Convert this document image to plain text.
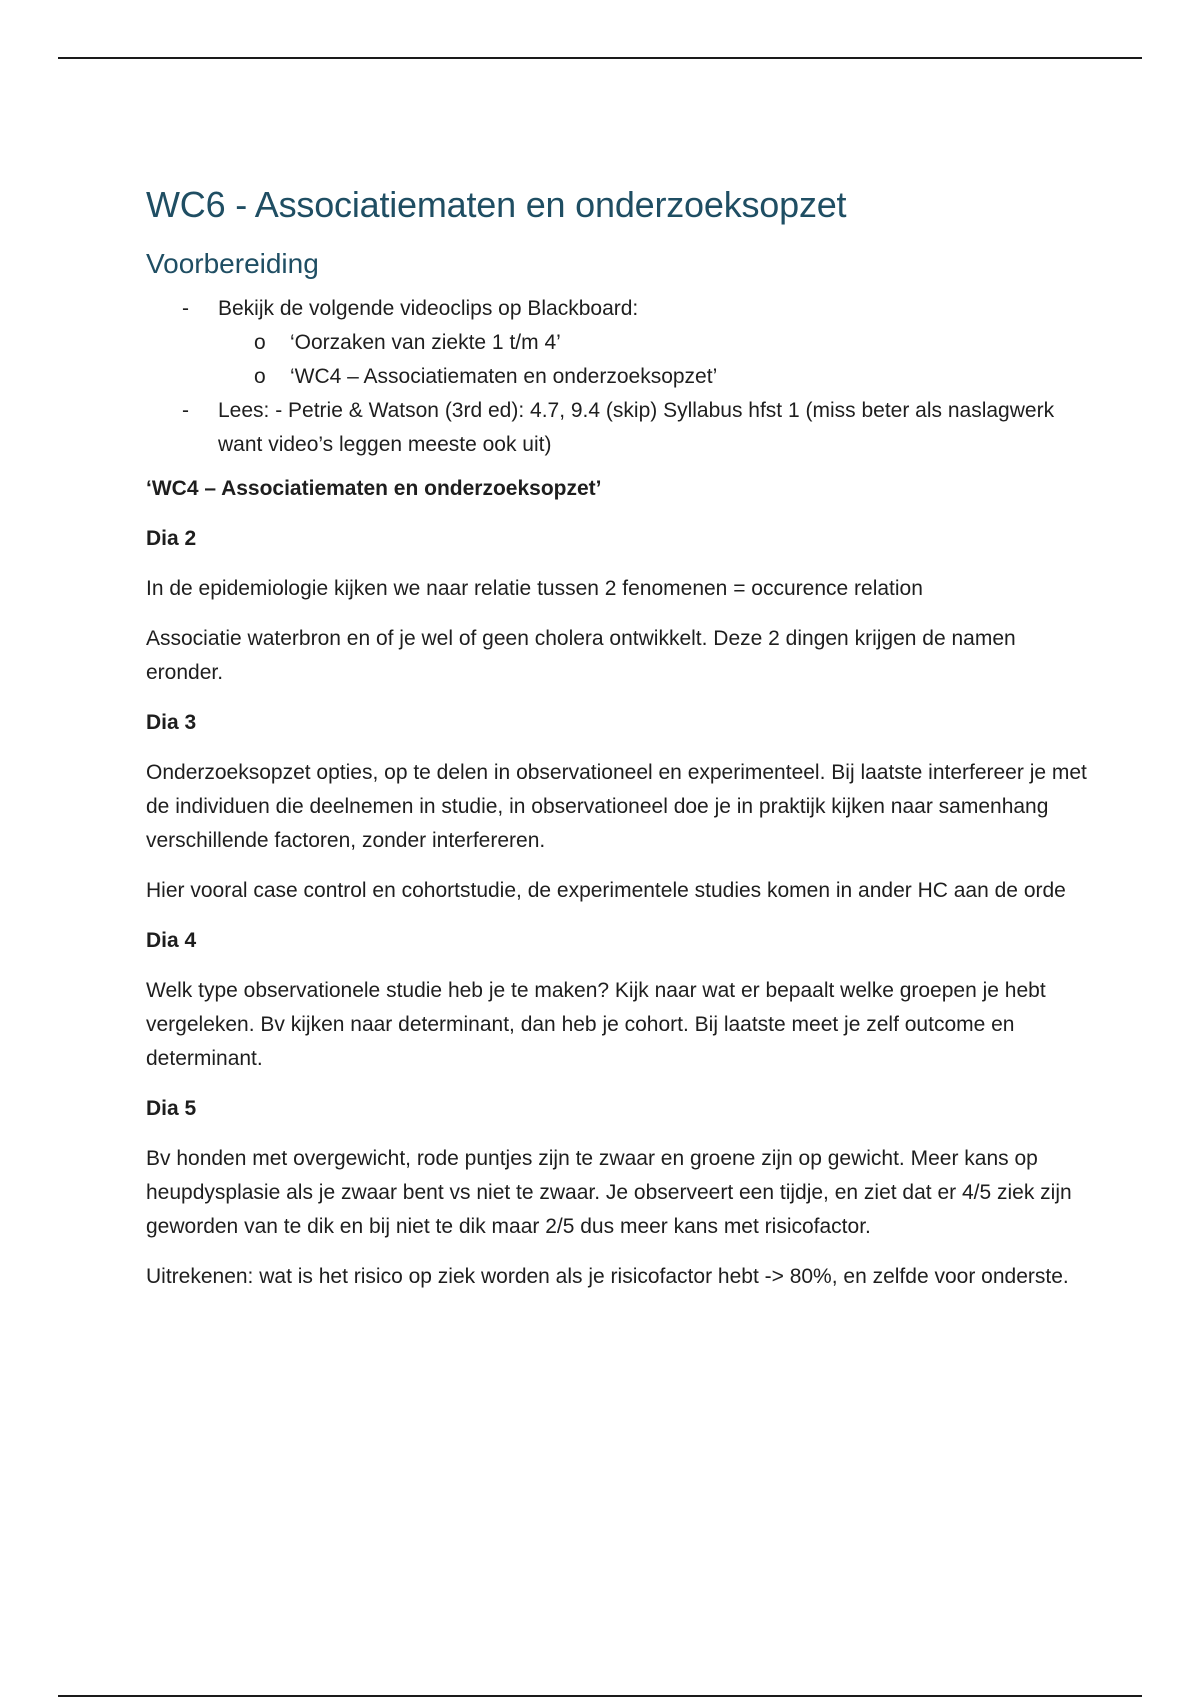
WC6 - Associatiematen en onderzoeksopzet
Voorbereiding
- Bekijk de volgende videoclips op Blackboard:
o ‘Oorzaken van ziekte 1 t/m 4’
o ‘WC4 – Associatiematen en onderzoeksopzet’
- Lees: - Petrie & Watson (3rd ed): 4.7, 9.4 (skip) Syllabus hfst 1 (miss beter als naslagwerk want video’s leggen meeste ook uit)

‘WC4 – Associatiematen en onderzoeksopzet’

Dia 2

In de epidemiologie kijken we naar relatie tussen 2 fenomenen = occurence relation

Associatie waterbron en of je wel of geen cholera ontwikkelt. Deze 2 dingen krijgen de namen eronder.

Dia 3

Onderzoeksopzet opties, op te delen in observationeel en experimenteel. Bij laatste interfereer je met de individuen die deelnemen in studie, in observationeel doe je in praktijk kijken naar samenhang verschillende factoren, zonder interfereren.

Hier vooral case control en cohortstudie, de experimentele studies komen in ander HC aan de orde

Dia 4

Welk type observationele studie heb je te maken? Kijk naar wat er bepaalt welke groepen je hebt vergeleken. Bv kijken naar determinant, dan heb je cohort. Bij laatste meet je zelf outcome en determinant.

Dia 5

Bv honden met overgewicht, rode puntjes zijn te zwaar en groene zijn op gewicht. Meer kans op heupdysplasie als je zwaar bent vs niet te zwaar. Je observeert een tijdje, en ziet dat er 4/5 ziek zijn geworden van te dik en bij niet te dik maar 2/5 dus meer kans met risicofactor.

Uitrekenen: wat is het risico op ziek worden als je risicofactor hebt -> 80%, en zelfde voor onderste.
